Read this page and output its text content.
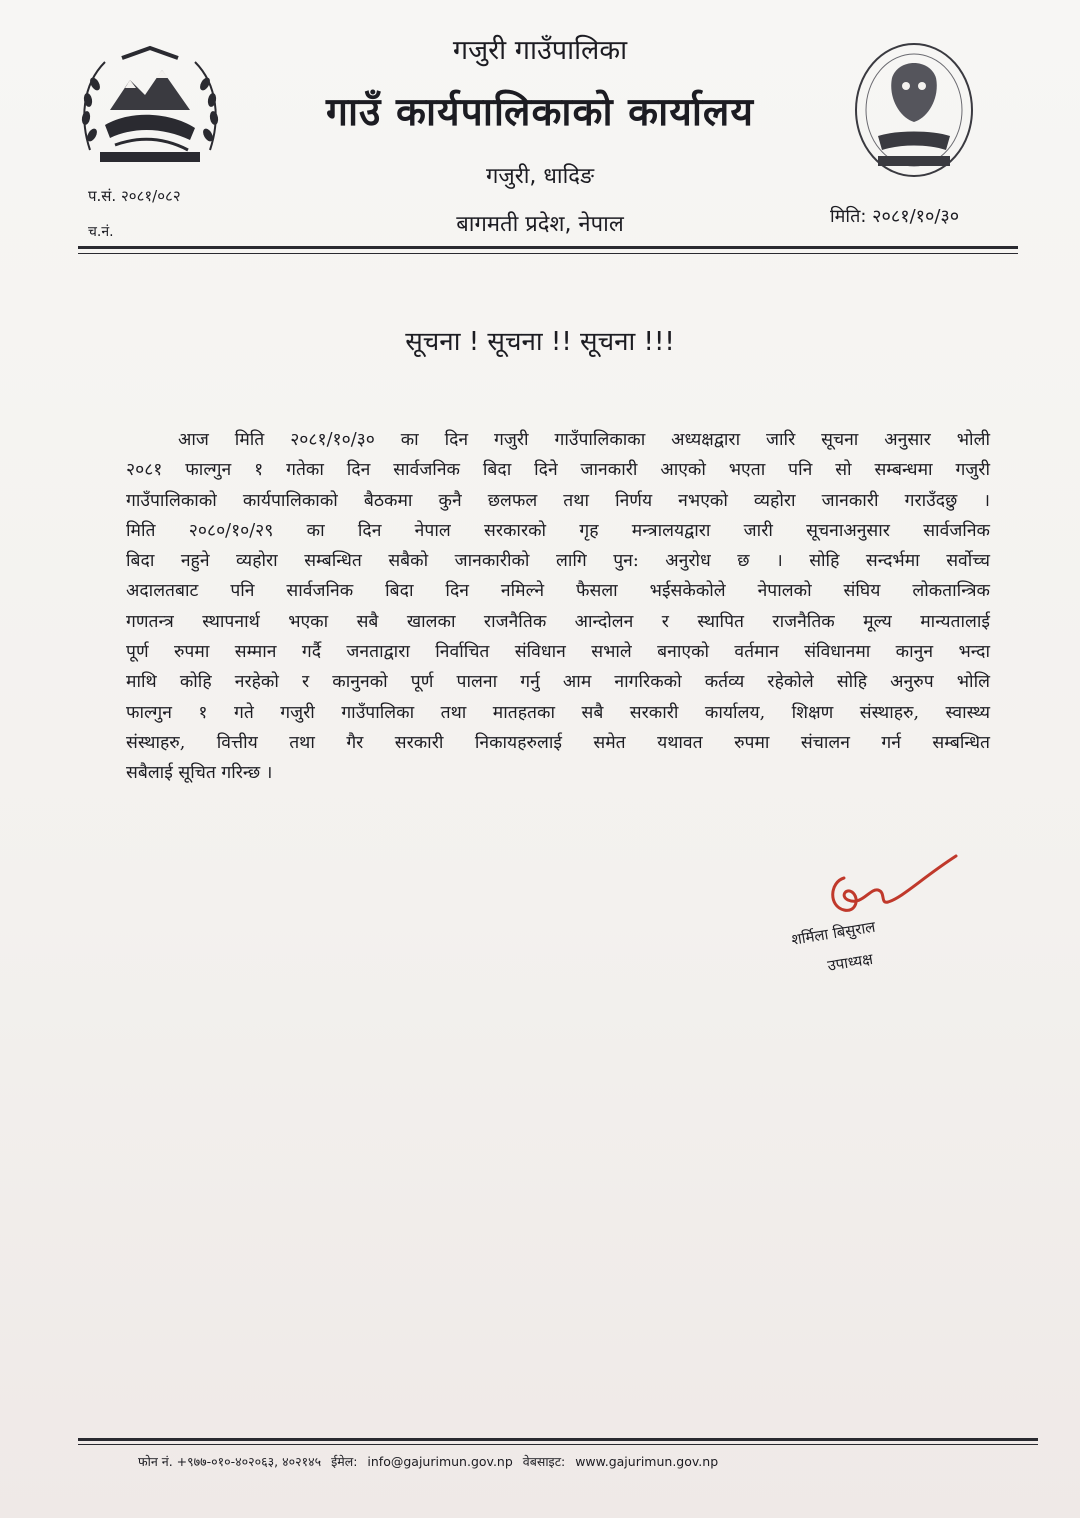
गजुरी गाउँपालिका
गाउँ कार्यपालिकाको कार्यालय
गजुरी, धादिङ
बागमती प्रदेश, नेपाल
प.सं. २०८१/०८२
च.नं.
मिति: २०८१/१०/३०
सूचना ! सूचना !! सूचना !!!
आज मिति २०८१/१०/३० का दिन गजुरी गाउँपालिकाका अध्यक्षद्वारा जारि सूचना अनुसार भोली
२०८१ फाल्गुन १ गतेका दिन सार्वजनिक बिदा दिने जानकारी आएको भएता पनि सो सम्बन्धमा गजुरी
गाउँपालिकाको कार्यपालिकाको बैठकमा कुनै छलफल तथा निर्णय नभएको व्यहोरा जानकारी गराउँदछु ।
मिति २०८०/१०/२९ का दिन नेपाल सरकारको गृह मन्त्रालयद्वारा जारी सूचनाअनुसार सार्वजनिक
बिदा नहुने व्यहोरा सम्बन्धित सबैको जानकारीको लागि पुन: अनुरोध छ । सोहि सन्दर्भमा सर्वोच्च
अदालतबाट पनि सार्वजनिक बिदा दिन नमिल्ने फैसला भईसकेकोले नेपालको संघिय लोकतान्त्रिक
गणतन्त्र स्थापनार्थ भएका सबै खालका राजनैतिक आन्दोलन र स्थापित राजनैतिक मूल्य मान्यतालाई
पूर्ण रुपमा सम्मान गर्दै जनताद्वारा निर्वाचित संविधान सभाले बनाएको वर्तमान संविधानमा कानुन भन्दा
माथि कोहि नरहेको र कानुनको पूर्ण पालना गर्नु आम नागरिकको कर्तव्य रहेकोले सोहि अनुरुप भोलि
फाल्गुन १ गते गजुरी गाउँपालिका तथा मातहतका सबै सरकारी कार्यालय, शिक्षण संस्थाहरु, स्वास्थ्य
संस्थाहरु, वित्तीय तथा गैर सरकारी निकायहरुलाई समेत यथावत रुपमा संचालन गर्न सम्बन्धित
सबैलाई सूचित गरिन्छ ।
शर्मिला बिसुराल
उपाध्यक्ष
फोन नं. +९७७-०१०-४०२०६३, ४०२१४५ ईमेल: info@gajurimun.gov.np वेबसाइट: www.gajurimun.gov.np
